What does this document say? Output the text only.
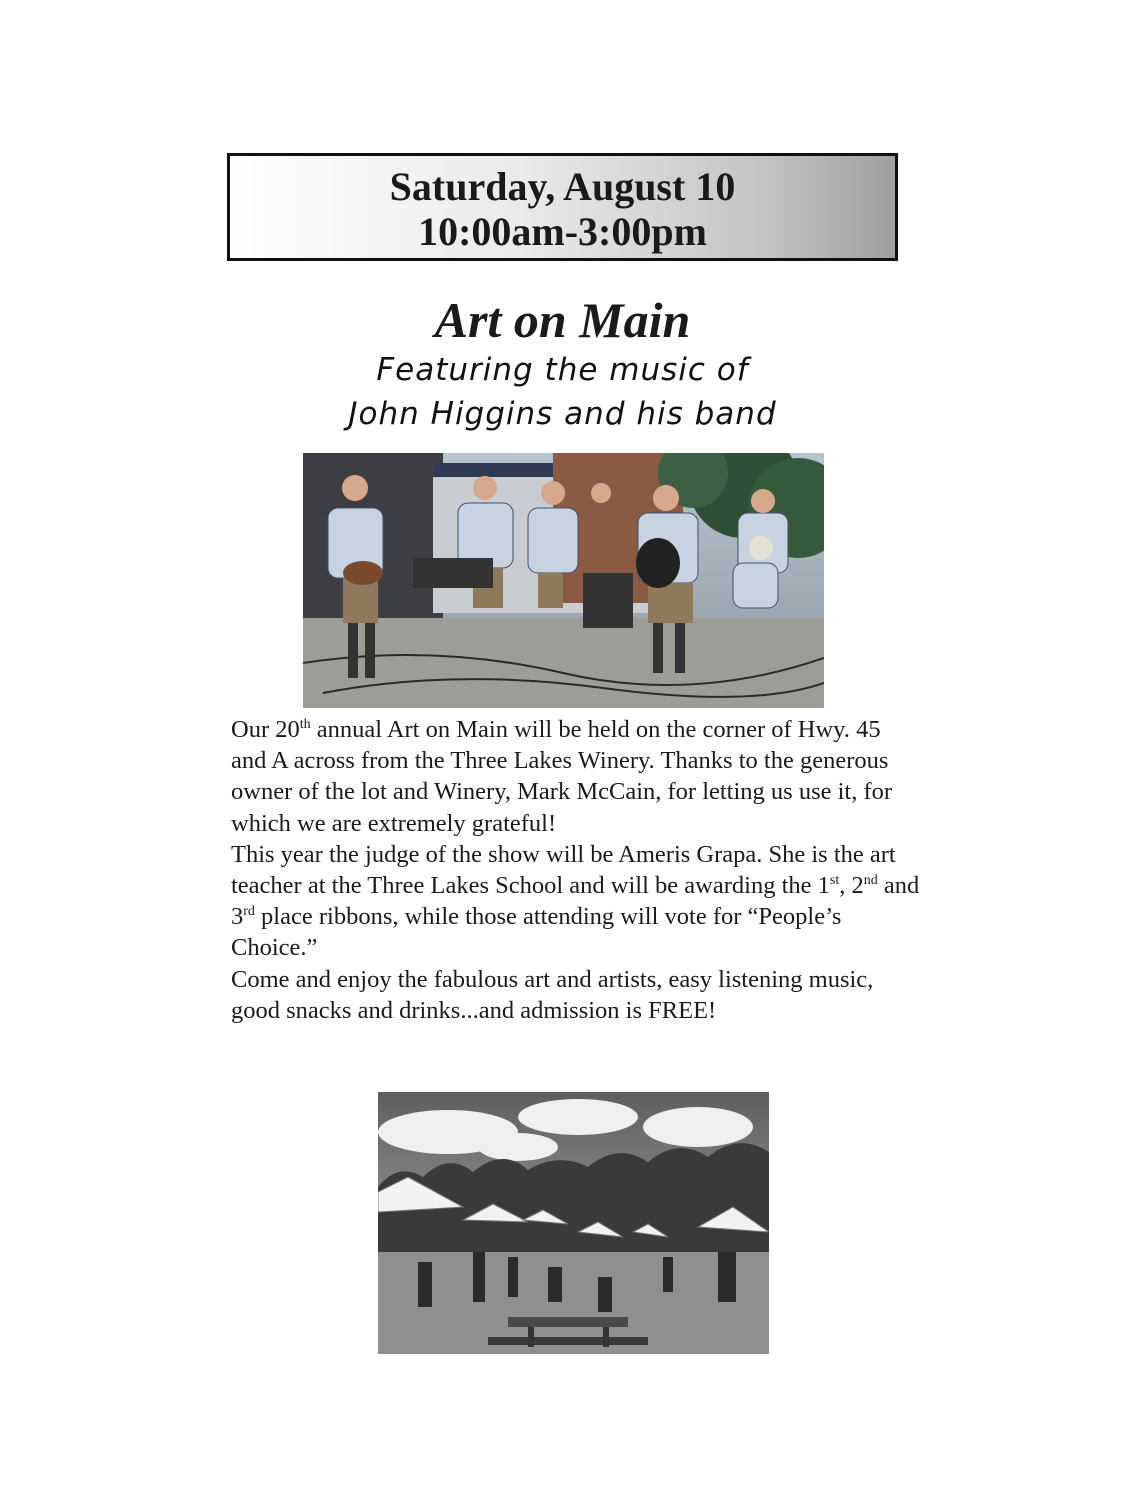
Saturday, August 10
10:00am-3:00pm
Art on Main
Featuring the music of
John Higgins and his band

Our 20th annual Art on Main will be held on the corner of Hwy. 45 and A across from the Three Lakes Winery. Thanks to the generous owner of the lot and Winery, Mark McCain, for letting us use it, for which we are extremely grateful!

This year the judge of the show will be Ameris Grapa. She is the art teacher at the Three Lakes School and will be awarding the 1st, 2nd and 3rd place ribbons, while those attending will vote for “People’s Choice.”

Come and enjoy the fabulous art and artists, easy listening music, good snacks and drinks...and admission is FREE!
